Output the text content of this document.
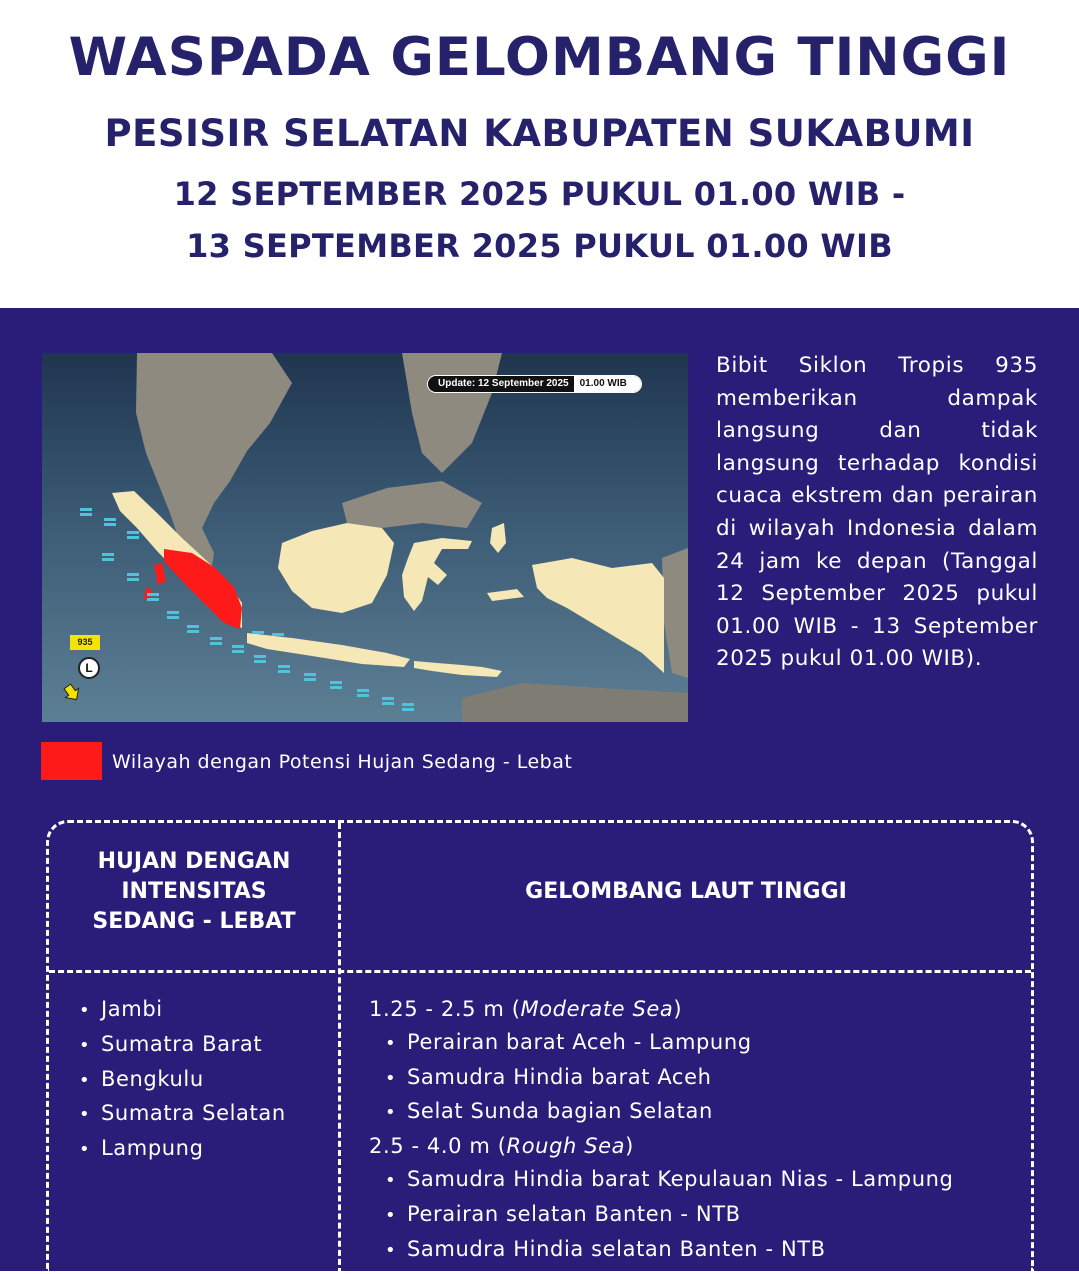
WASPADA GELOMBANG TINGGI
PESISIR SELATAN KABUPATEN SUKABUMI
12 SEPTEMBER 2025 PUKUL 01.00 WIB -
13 SEPTEMBER 2025 PUKUL 01.00 WIB
Update: 12 September 2025	01.00 WIB
935
L
Bibit Siklon Tropis 935 memberikan dampak langsung dan tidak langsung terhadap kondisi cuaca ekstrem dan perairan di wilayah Indonesia dalam 24 jam ke depan (Tanggal 12 September 2025 pukul 01.00 WIB - 13 September 2025 pukul 01.00 WIB).
Wilayah dengan Potensi Hujan Sedang - Lebat
HUJAN DENGAN INTENSITAS SEDANG - LEBAT
GELOMBANG LAUT TINGGI
• Jambi
• Sumatra Barat
• Bengkulu
• Sumatra Selatan
• Lampung
1.25 - 2.5 m (Moderate Sea)
• Perairan barat Aceh - Lampung
• Samudra Hindia barat Aceh
• Selat Sunda bagian Selatan
2.5 - 4.0 m (Rough Sea)
• Samudra Hindia barat Kepulauan Nias - Lampung
• Perairan selatan Banten - NTB
• Samudra Hindia selatan Banten - NTB
